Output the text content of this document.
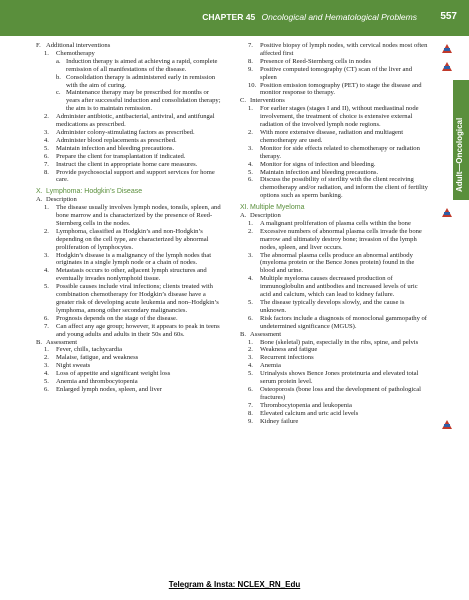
CHAPTER 45 Oncological and Hematological Problems 557
Adult—Oncological
F. Additional interventions
1. Chemotherapy
a. Induction therapy is aimed at achieving a rapid, complete remission of all manifestations of the disease.
b. Consolidation therapy is administered early in remission with the aim of curing.
c. Maintenance therapy may be prescribed for months or years after successful induction and consolidation therapy; the aim is to maintain remission.
2. Administer antibiotic, antibacterial, antiviral, and antifungal medications as prescribed.
3. Administer colony-stimulating factors as prescribed.
4. Administer blood replacements as prescribed.
5. Maintain infection and bleeding precautions.
6. Prepare the client for transplantation if indicated.
7. Instruct the client in appropriate home care measures.
8. Provide psychosocial support and support services for home care.
X. Lymphoma: Hodgkin’s Disease
A. Description
1. The disease usually involves lymph nodes, tonsils, spleen, and bone marrow and is characterized by the presence of Reed-Sternberg cells in the nodes.
2. Lymphoma, classified as Hodgkin’s and non-Hodgkin’s depending on the cell type, are characterized by abnormal proliferation of lymphocytes.
3. Hodgkin’s disease is a malignancy of the lymph nodes that originates in a single lymph node or a chain of nodes.
4. Metastasis occurs to other, adjacent lymph structures and eventually invades nonlymphoid tissue.
5. Possible causes include viral infections; clients treated with combination chemotherapy for Hodgkin’s disease have a greater risk of developing acute leukemia and non–Hodgkin’s lymphoma, among other secondary malignancies.
6. Prognosis depends on the stage of the disease.
7. Can affect any age group; however, it appears to peak in teens and young adults and adults in their 50s and 60s.
B. Assessment
1. Fever, chills, tachycardia
2. Malaise, fatigue, and weakness
3. Night sweats
4. Loss of appetite and significant weight loss
5. Anemia and thrombocytopenia
6. Enlarged lymph nodes, spleen, and liver
7. Positive biopsy of lymph nodes, with cervical nodes most often affected first
8. Presence of Reed-Sternberg cells in nodes
9. Positive computed tomography (CT) scan of the liver and spleen
10. Position emission tomography (PET) to stage the disease and monitor response to therapy.
C. Interventions
1. For earlier stages (stages I and II), without mediastinal node involvement, the treatment of choice is extensive external radiation of the involved lymph node regions.
2. With more extensive disease, radiation and multiagent chemotherapy are used.
3. Monitor for side effects related to chemotherapy or radiation therapy.
4. Monitor for signs of infection and bleeding.
5. Maintain infection and bleeding precautions.
6. Discuss the possibility of sterility with the client receiving chemotherapy and/or radiation, and inform the client of fertility options such as sperm banking.
XI. Multiple Myeloma
A. Description
1. A malignant proliferation of plasma cells within the bone
2. Excessive numbers of abnormal plasma cells invade the bone marrow and ultimately destroy bone; invasion of the lymph nodes, spleen, and liver occurs.
3. The abnormal plasma cells produce an abnormal antibody (myeloma protein or the Bence Jones protein) found in the blood and urine.
4. Multiple myeloma causes decreased production of immunoglobulin and antibodies and increased levels of uric acid and calcium, which can lead to kidney failure.
5. The disease typically develops slowly, and the cause is unknown.
6. Risk factors include a diagnosis of monoclonal gammopathy of undetermined significance (MGUS).
B. Assessment
1. Bone (skeletal) pain, especially in the ribs, spine, and pelvis
2. Weakness and fatigue
3. Recurrent infections
4. Anemia
5. Urinalysis shows Bence Jones proteinuria and elevated total serum protein level.
6. Osteoporosis (bone loss and the development of pathological fractures)
7. Thrombocytopenia and leukopenia
8. Elevated calcium and uric acid levels
9. Kidney failure
Telegram & Insta: NCLEX_RN_Edu
